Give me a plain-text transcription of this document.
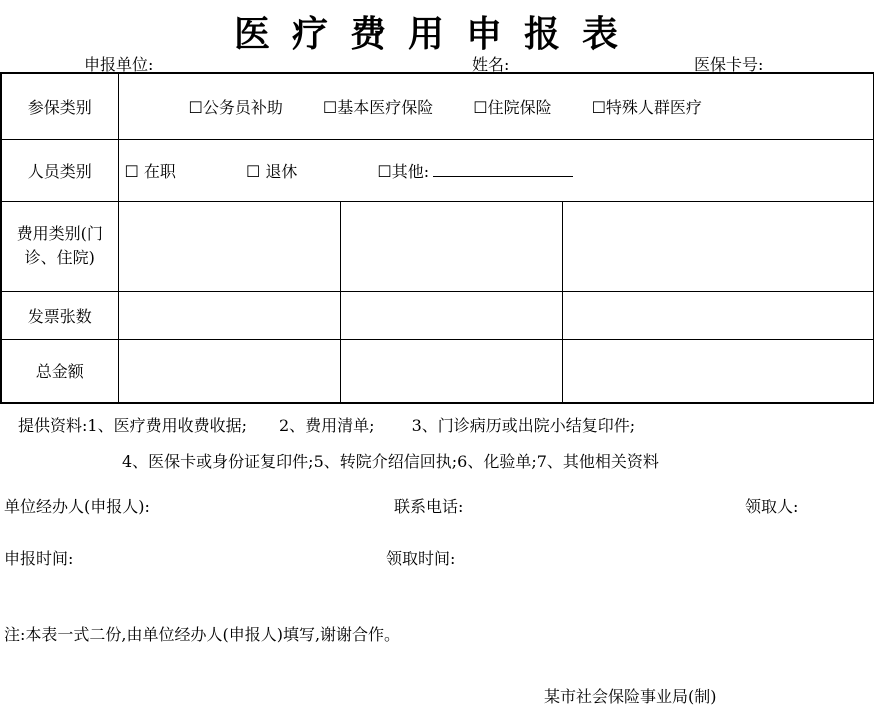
医疗费用申报表
申报单位:	姓名:	医保卡号:
参保类别	☐公务员补助 ☐基本医疗保险 ☐住院保险 ☐特殊人群医疗		
人员类别	☐ 在职 ☐ 退休 ☐其他:		
费用类别(门诊、住院)			
发票张数			
总金额			
提供资料:1、医疗费用收费收据;　　2、费用清单;　　 3、门诊病历或出院小结复印件;
4、医保卡或身份证复印件;5、转院介绍信回执;6、化验单;7、其他相关资料
单位经办人(申报人):	联系电话:	领取人:
申报时间:	领取时间:
注:本表一式二份,由单位经办人(申报人)填写,谢谢合作。
某市社会保险事业局(制)
